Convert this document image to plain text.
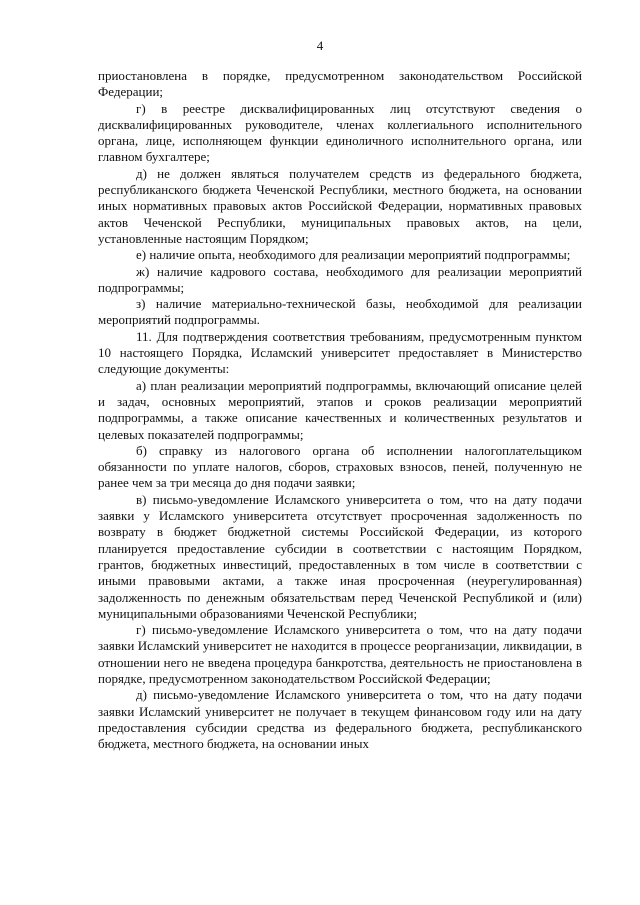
4

приостановлена в порядке, предусмотренном законодательством Российской Федерации;

г) в реестре дисквалифицированных лиц отсутствуют сведения о дисквалифицированных руководителе, членах коллегиального исполнительного органа, лице, исполняющем функции единоличного исполнительного органа, или главном бухгалтере;

д) не должен являться получателем средств из федерального бюджета, республиканского бюджета Чеченской Республики, местного бюджета, на основании иных нормативных правовых актов Российской Федерации, нормативных правовых актов Чеченской Республики, муниципальных правовых актов, на цели, установленные настоящим Порядком;

е) наличие опыта, необходимого для реализации мероприятий подпрограммы;

ж) наличие кадрового состава, необходимого для реализации мероприятий подпрограммы;

з) наличие материально-технической базы, необходимой для реализации мероприятий подпрограммы.

11. Для подтверждения соответствия требованиям, предусмотренным пунктом 10 настоящего Порядка, Исламский университет предоставляет в Министерство следующие документы:

а) план реализации мероприятий подпрограммы, включающий описание целей и задач, основных мероприятий, этапов и сроков реализации мероприятий подпрограммы, а также описание качественных и количественных результатов и целевых показателей подпрограммы;

б) справку из налогового органа об исполнении налогоплательщиком обязанности по уплате налогов, сборов, страховых взносов, пеней, полученную не ранее чем за три месяца до дня подачи заявки;

в) письмо-уведомление Исламского университета о том, что на дату подачи заявки у Исламского университета отсутствует просроченная задолженность по возврату в бюджет бюджетной системы Российской Федерации, из которого планируется предоставление субсидии в соответствии с настоящим Порядком, грантов, бюджетных инвестиций, предоставленных в том числе в соответствии с иными правовыми актами, а также иная просроченная (неурегулированная) задолженность по денежным обязательствам перед Чеченской Республикой и (или) муниципальными образованиями Чеченской Республики;

г) письмо-уведомление Исламского университета о том, что на дату подачи заявки Исламский университет не находится в процессе реорганизации, ликвидации, в отношении него не введена процедура банкротства, деятельность не приостановлена в порядке, предусмотренном законодательством Российской Федерации;

д) письмо-уведомление Исламского университета о том, что на дату подачи заявки Исламский университет не получает в текущем финансовом году или на дату предоставления субсидии средства из федерального бюджета, республиканского бюджета, местного бюджета, на основании иных
